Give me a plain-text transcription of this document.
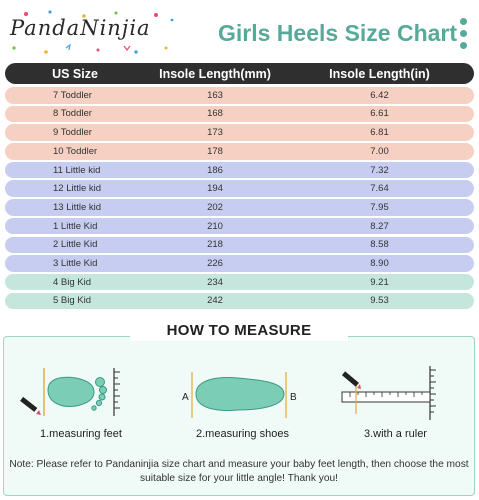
PandaNinjia	Girls Heels Size Chart
US Size	Insole Length(mm)	Insole Length(in)
7 Toddler	163	6.42
8 Toddler	168	6.61
9 Toddler	173	6.81
10 Toddler	178	7.00
11 Little kid	186	7.32
12 Little kid	194	7.64
13 Little kid	202	7.95
1 Little Kid	210	8.27
2 Little Kid	218	8.58
3 Little Kid	226	8.90
4 Big Kid	234	9.21
5 Big Kid	242	9.53
HOW TO MEASURE
1.measuring feet
A	B
2.measuring shoes	3.with a ruler
Note: Please refer to Pandaninjia size chart and measure your baby feet length, then choose the most suitable size for your little angle! Thank you!
